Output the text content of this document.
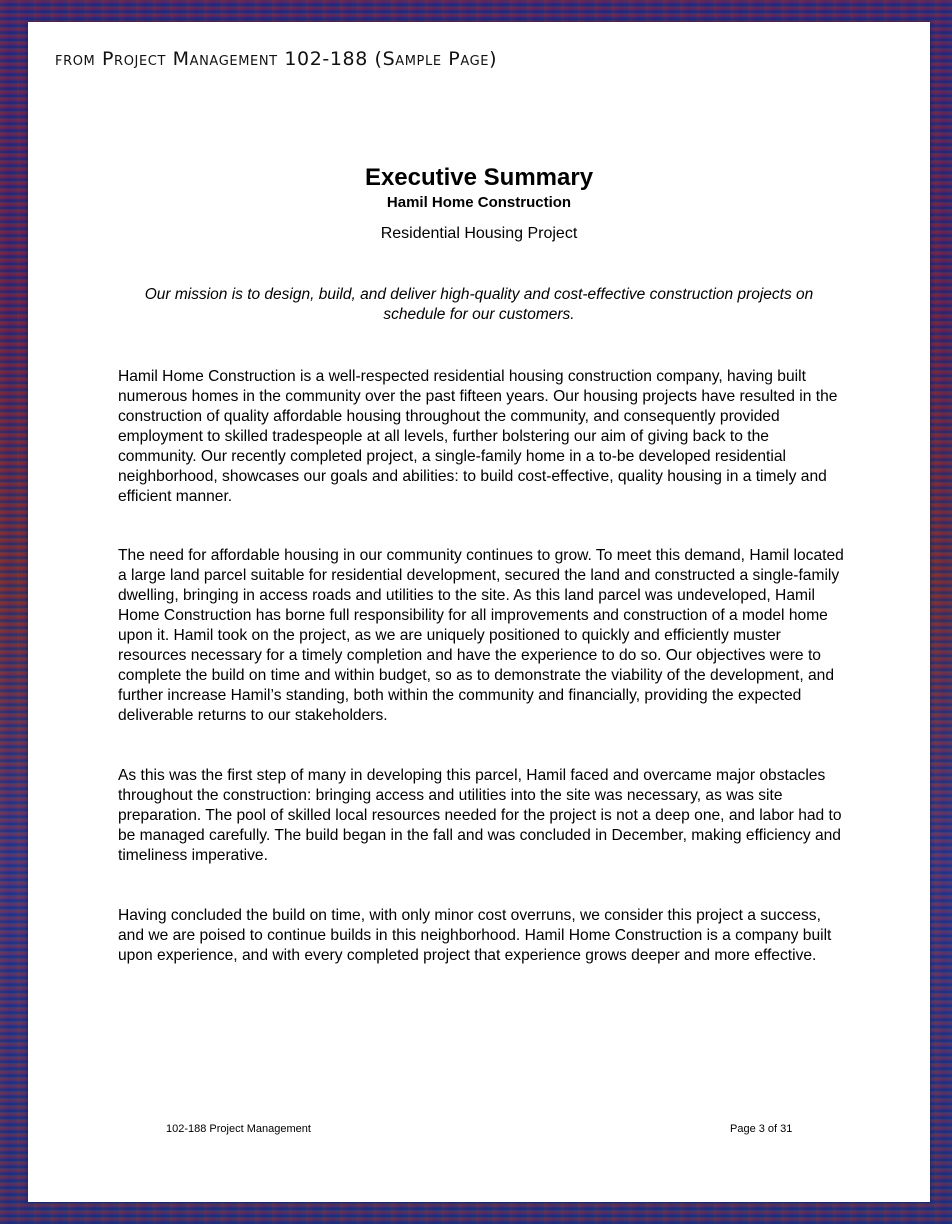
from Project Management 102-188 (Sample Page)
Executive Summary
Hamil Home Construction
Residential Housing Project
Our mission is to design, build, and deliver high-quality and cost-effective construction projects on schedule for our customers.

Hamil Home Construction is a well-respected residential housing construction company, having built numerous homes in the community over the past fifteen years. Our housing projects have resulted in the construction of quality affordable housing throughout the community, and consequently provided employment to skilled tradespeople at all levels, further bolstering our aim of giving back to the community. Our recently completed project, a single-family home in a to-be developed residential neighborhood, showcases our goals and abilities: to build cost-effective, quality housing in a timely and efficient manner.

The need for affordable housing in our community continues to grow. To meet this demand, Hamil located a large land parcel suitable for residential development, secured the land and constructed a single-family dwelling, bringing in access roads and utilities to the site. As this land parcel was undeveloped, Hamil Home Construction has borne full responsibility for all improvements and construction of a model home upon it. Hamil took on the project, as we are uniquely positioned to quickly and efficiently muster resources necessary for a timely completion and have the experience to do so. Our objectives were to complete the build on time and within budget, so as to demonstrate the viability of the development, and further increase Hamil’s standing, both within the community and financially, providing the expected deliverable returns to our stakeholders.

As this was the first step of many in developing this parcel, Hamil faced and overcame major obstacles throughout the construction: bringing access and utilities into the site was necessary, as was site preparation. The pool of skilled local resources needed for the project is not a deep one, and labor had to be managed carefully. The build began in the fall and was concluded in December, making efficiency and timeliness imperative.

Having concluded the build on time, with only minor cost overruns, we consider this project a success, and we are poised to continue builds in this neighborhood. Hamil Home Construction is a company built upon experience, and with every completed project that experience grows deeper and more effective.

102-188 Project Management	Page 3 of 31
